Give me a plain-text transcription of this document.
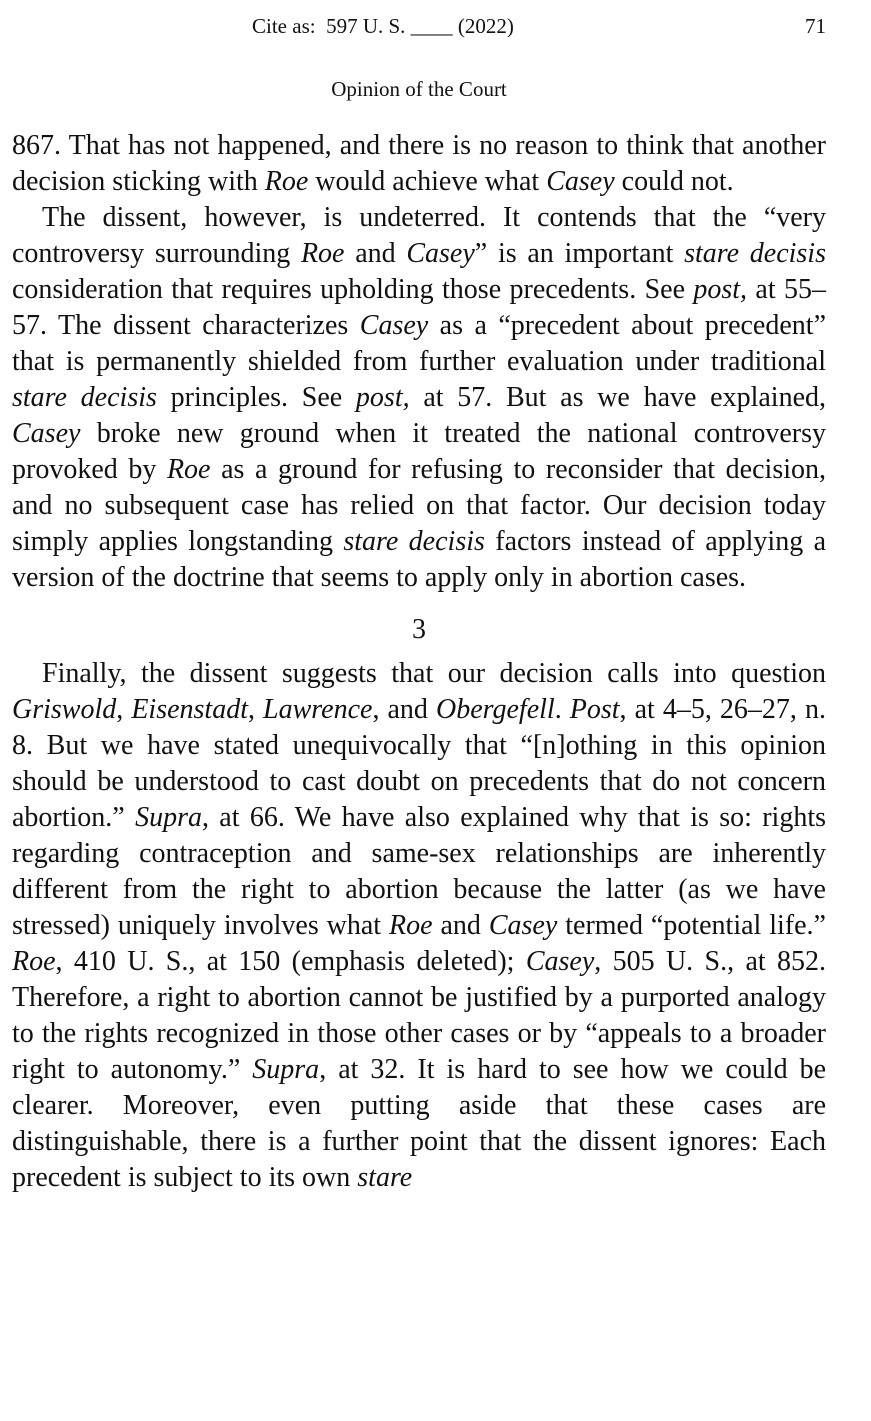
Cite as:  597 U. S. ____ (2022)	71
Opinion of the Court

867. That has not happened, and there is no reason to think that another decision sticking with Roe would achieve what Casey could not.

The dissent, however, is undeterred. It contends that the “very controversy surrounding Roe and Casey” is an important stare decisis consideration that requires upholding those precedents. See post, at 55–57. The dissent characterizes Casey as a “precedent about precedent” that is permanently shielded from further evaluation under traditional stare decisis principles. See post, at 57. But as we have explained, Casey broke new ground when it treated the national controversy provoked by Roe as a ground for refusing to reconsider that decision, and no subsequent case has relied on that factor. Our decision today simply applies longstanding stare decisis factors instead of applying a version of the doctrine that seems to apply only in abortion cases.

3

Finally, the dissent suggests that our decision calls into question Griswold, Eisenstadt, Lawrence, and Obergefell. Post, at 4–5, 26–27, n. 8. But we have stated unequivocally that “[n]othing in this opinion should be understood to cast doubt on precedents that do not concern abortion.” Supra, at 66. We have also explained why that is so: rights regarding contraception and same-sex relationships are inherently different from the right to abortion because the latter (as we have stressed) uniquely involves what Roe and Casey termed “potential life.” Roe, 410 U. S., at 150 (emphasis deleted); Casey, 505 U. S., at 852. Therefore, a right to abortion cannot be justified by a purported analogy to the rights recognized in those other cases or by “appeals to a broader right to autonomy.” Supra, at 32. It is hard to see how we could be clearer. Moreover, even putting aside that these cases are distinguishable, there is a further point that the dissent ignores: Each precedent is subject to its own stare
